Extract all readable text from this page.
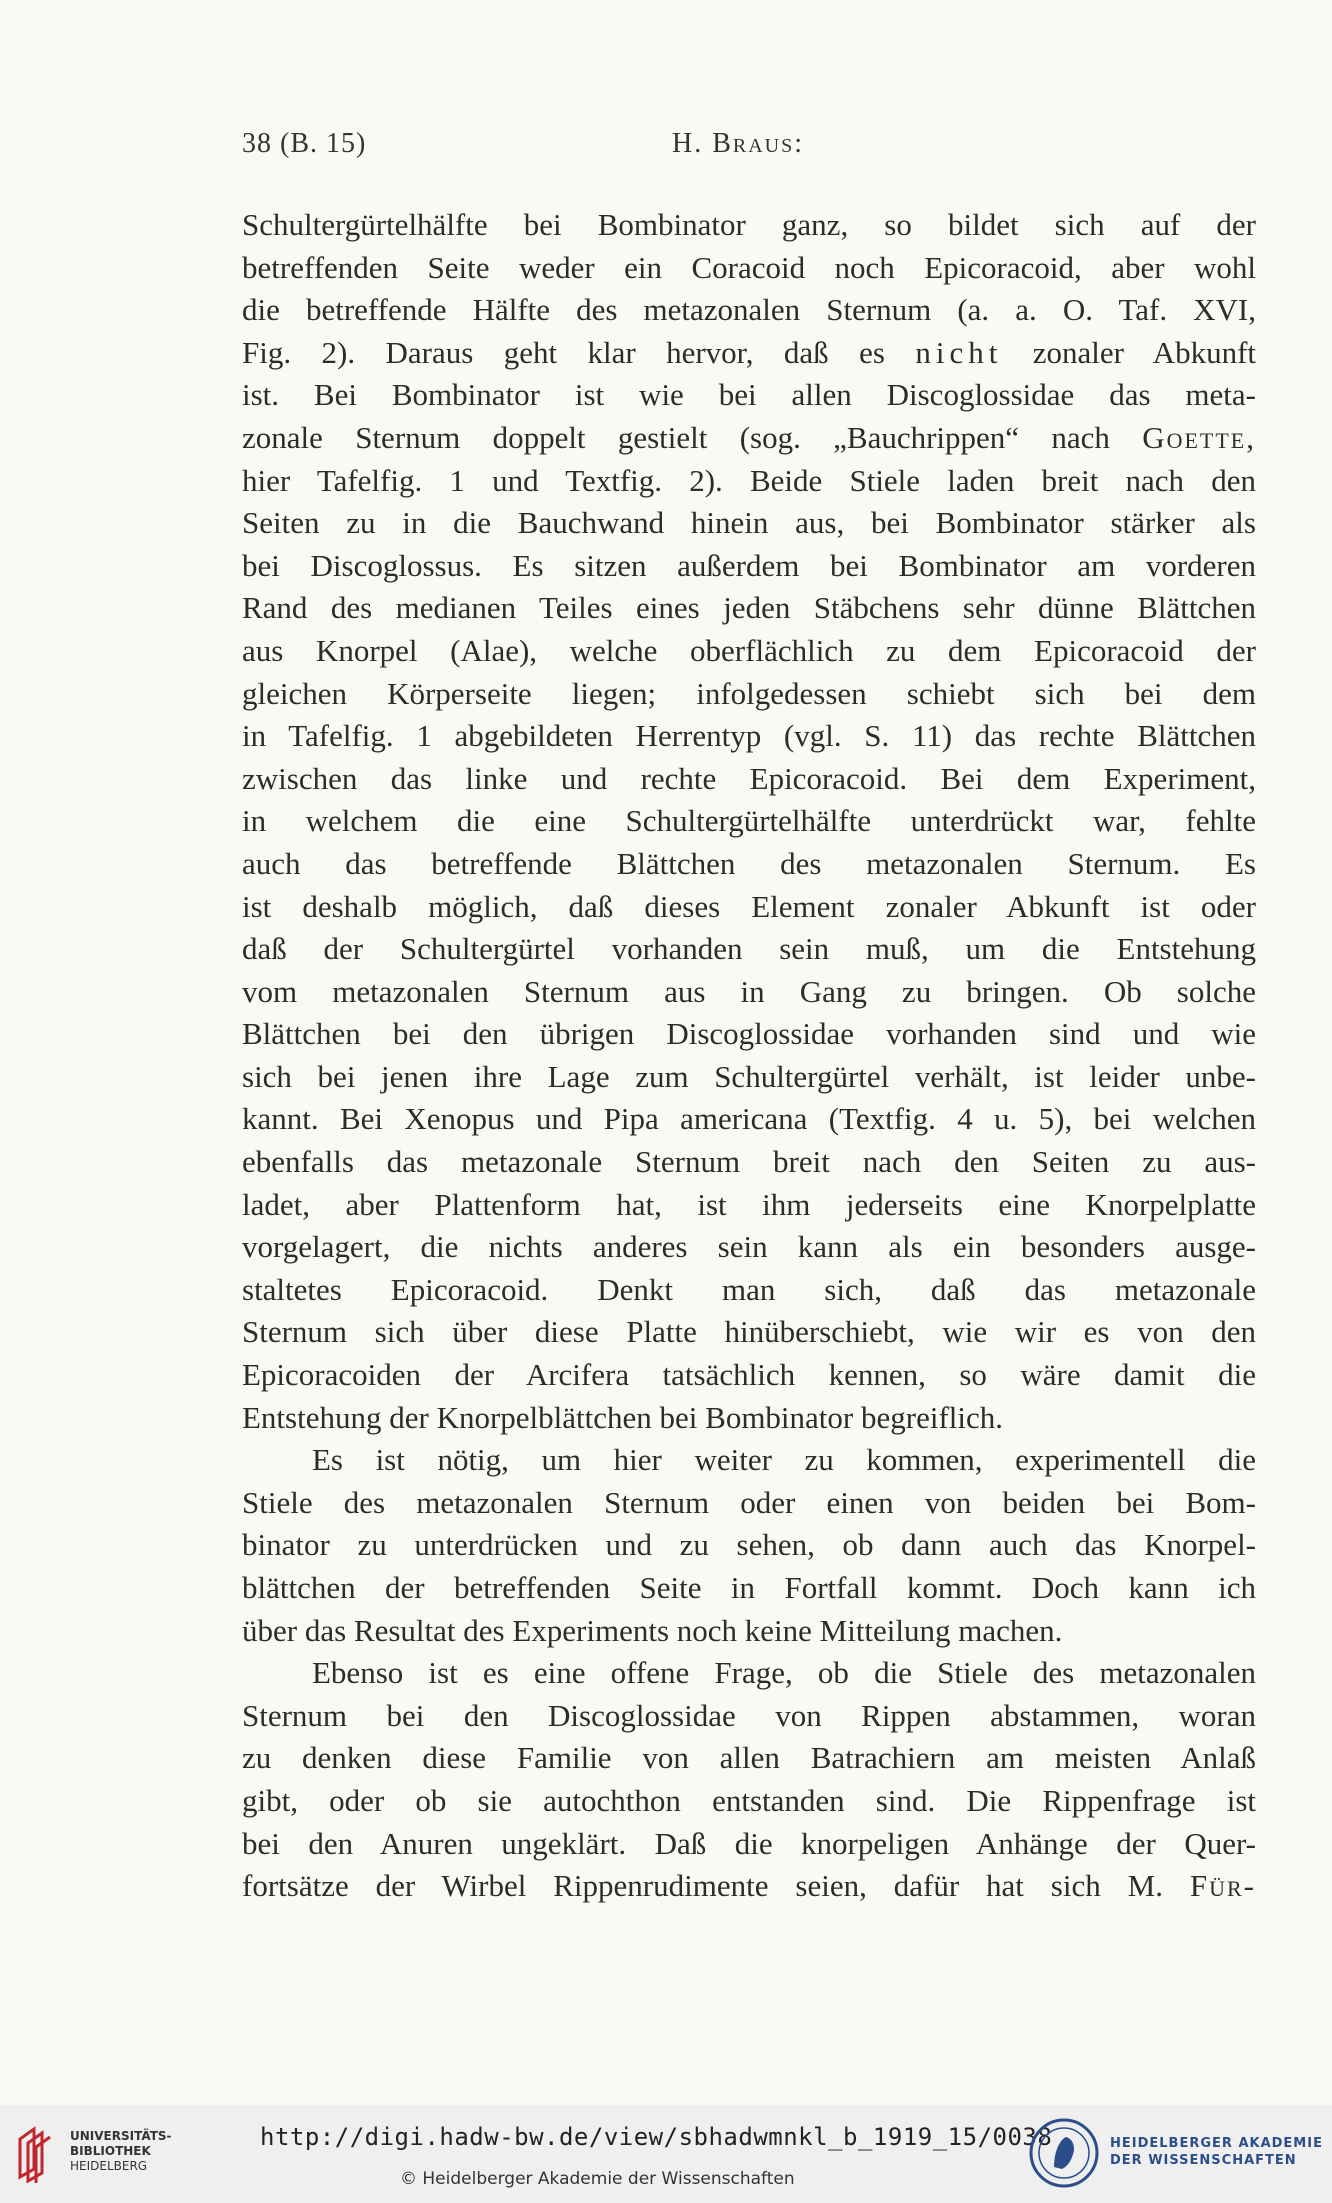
38 (B. 15)	H. Braus:
Schultergürtelhälfte bei Bombinator ganz, so bildet sich auf der
betreffenden Seite weder ein Coracoid noch Epicoracoid, aber wohl
die betreffende Hälfte des metazonalen Sternum (a. a. O. Taf. XVI,
Fig. 2). Daraus geht klar hervor, daß es nicht zonaler Abkunft
ist. Bei Bombinator ist wie bei allen Discoglossidae das meta-
zonale Sternum doppelt gestielt (sog. „Bauchrippen“ nach Goette,
hier Tafelfig. 1 und Textfig. 2). Beide Stiele laden breit nach den
Seiten zu in die Bauchwand hinein aus, bei Bombinator stärker als
bei Discoglossus. Es sitzen außerdem bei Bombinator am vorderen
Rand des medianen Teiles eines jeden Stäbchens sehr dünne Blättchen
aus Knorpel (Alae), welche oberflächlich zu dem Epicoracoid der
gleichen Körperseite liegen; infolgedessen schiebt sich bei dem
in Tafelfig. 1 abgebildeten Herrentyp (vgl. S. 11) das rechte Blättchen
zwischen das linke und rechte Epicoracoid. Bei dem Experiment,
in welchem die eine Schultergürtelhälfte unterdrückt war, fehlte
auch das betreffende Blättchen des metazonalen Sternum. Es
ist deshalb möglich, daß dieses Element zonaler Abkunft ist oder
daß der Schultergürtel vorhanden sein muß, um die Entstehung
vom metazonalen Sternum aus in Gang zu bringen. Ob solche
Blättchen bei den übrigen Discoglossidae vorhanden sind und wie
sich bei jenen ihre Lage zum Schultergürtel verhält, ist leider unbe-
kannt. Bei Xenopus und Pipa americana (Textfig. 4 u. 5), bei welchen
ebenfalls das metazonale Sternum breit nach den Seiten zu aus-
ladet, aber Plattenform hat, ist ihm jederseits eine Knorpelplatte
vorgelagert, die nichts anderes sein kann als ein besonders ausge-
staltetes Epicoracoid. Denkt man sich, daß das metazonale
Sternum sich über diese Platte hinüberschiebt, wie wir es von den
Epicoracoiden der Arcifera tatsächlich kennen, so wäre damit die
Entstehung der Knorpelblättchen bei Bombinator begreiflich.
Es ist nötig, um hier weiter zu kommen, experimentell die
Stiele des metazonalen Sternum oder einen von beiden bei Bom-
binator zu unterdrücken und zu sehen, ob dann auch das Knorpel-
blättchen der betreffenden Seite in Fortfall kommt. Doch kann ich
über das Resultat des Experiments noch keine Mitteilung machen.
Ebenso ist es eine offene Frage, ob die Stiele des metazonalen
Sternum bei den Discoglossidae von Rippen abstammen, woran
zu denken diese Familie von allen Batrachiern am meisten Anlaß
gibt, oder ob sie autochthon entstanden sind. Die Rippenfrage ist
bei den Anuren ungeklärt. Daß die knorpeligen Anhänge der Quer-
fortsätze der Wirbel Rippenrudimente seien, dafür hat sich M. Für-
UNIVERSITÄTS-
BIBLIOTHEK
HEIDELBERG
http://digi.hadw-bw.de/view/sbhadwmnkl_b_1919_15/0038
© Heidelberger Akademie der Wissenschaften
HEIDELBERGER AKADEMIE
DER WISSENSCHAFTEN
